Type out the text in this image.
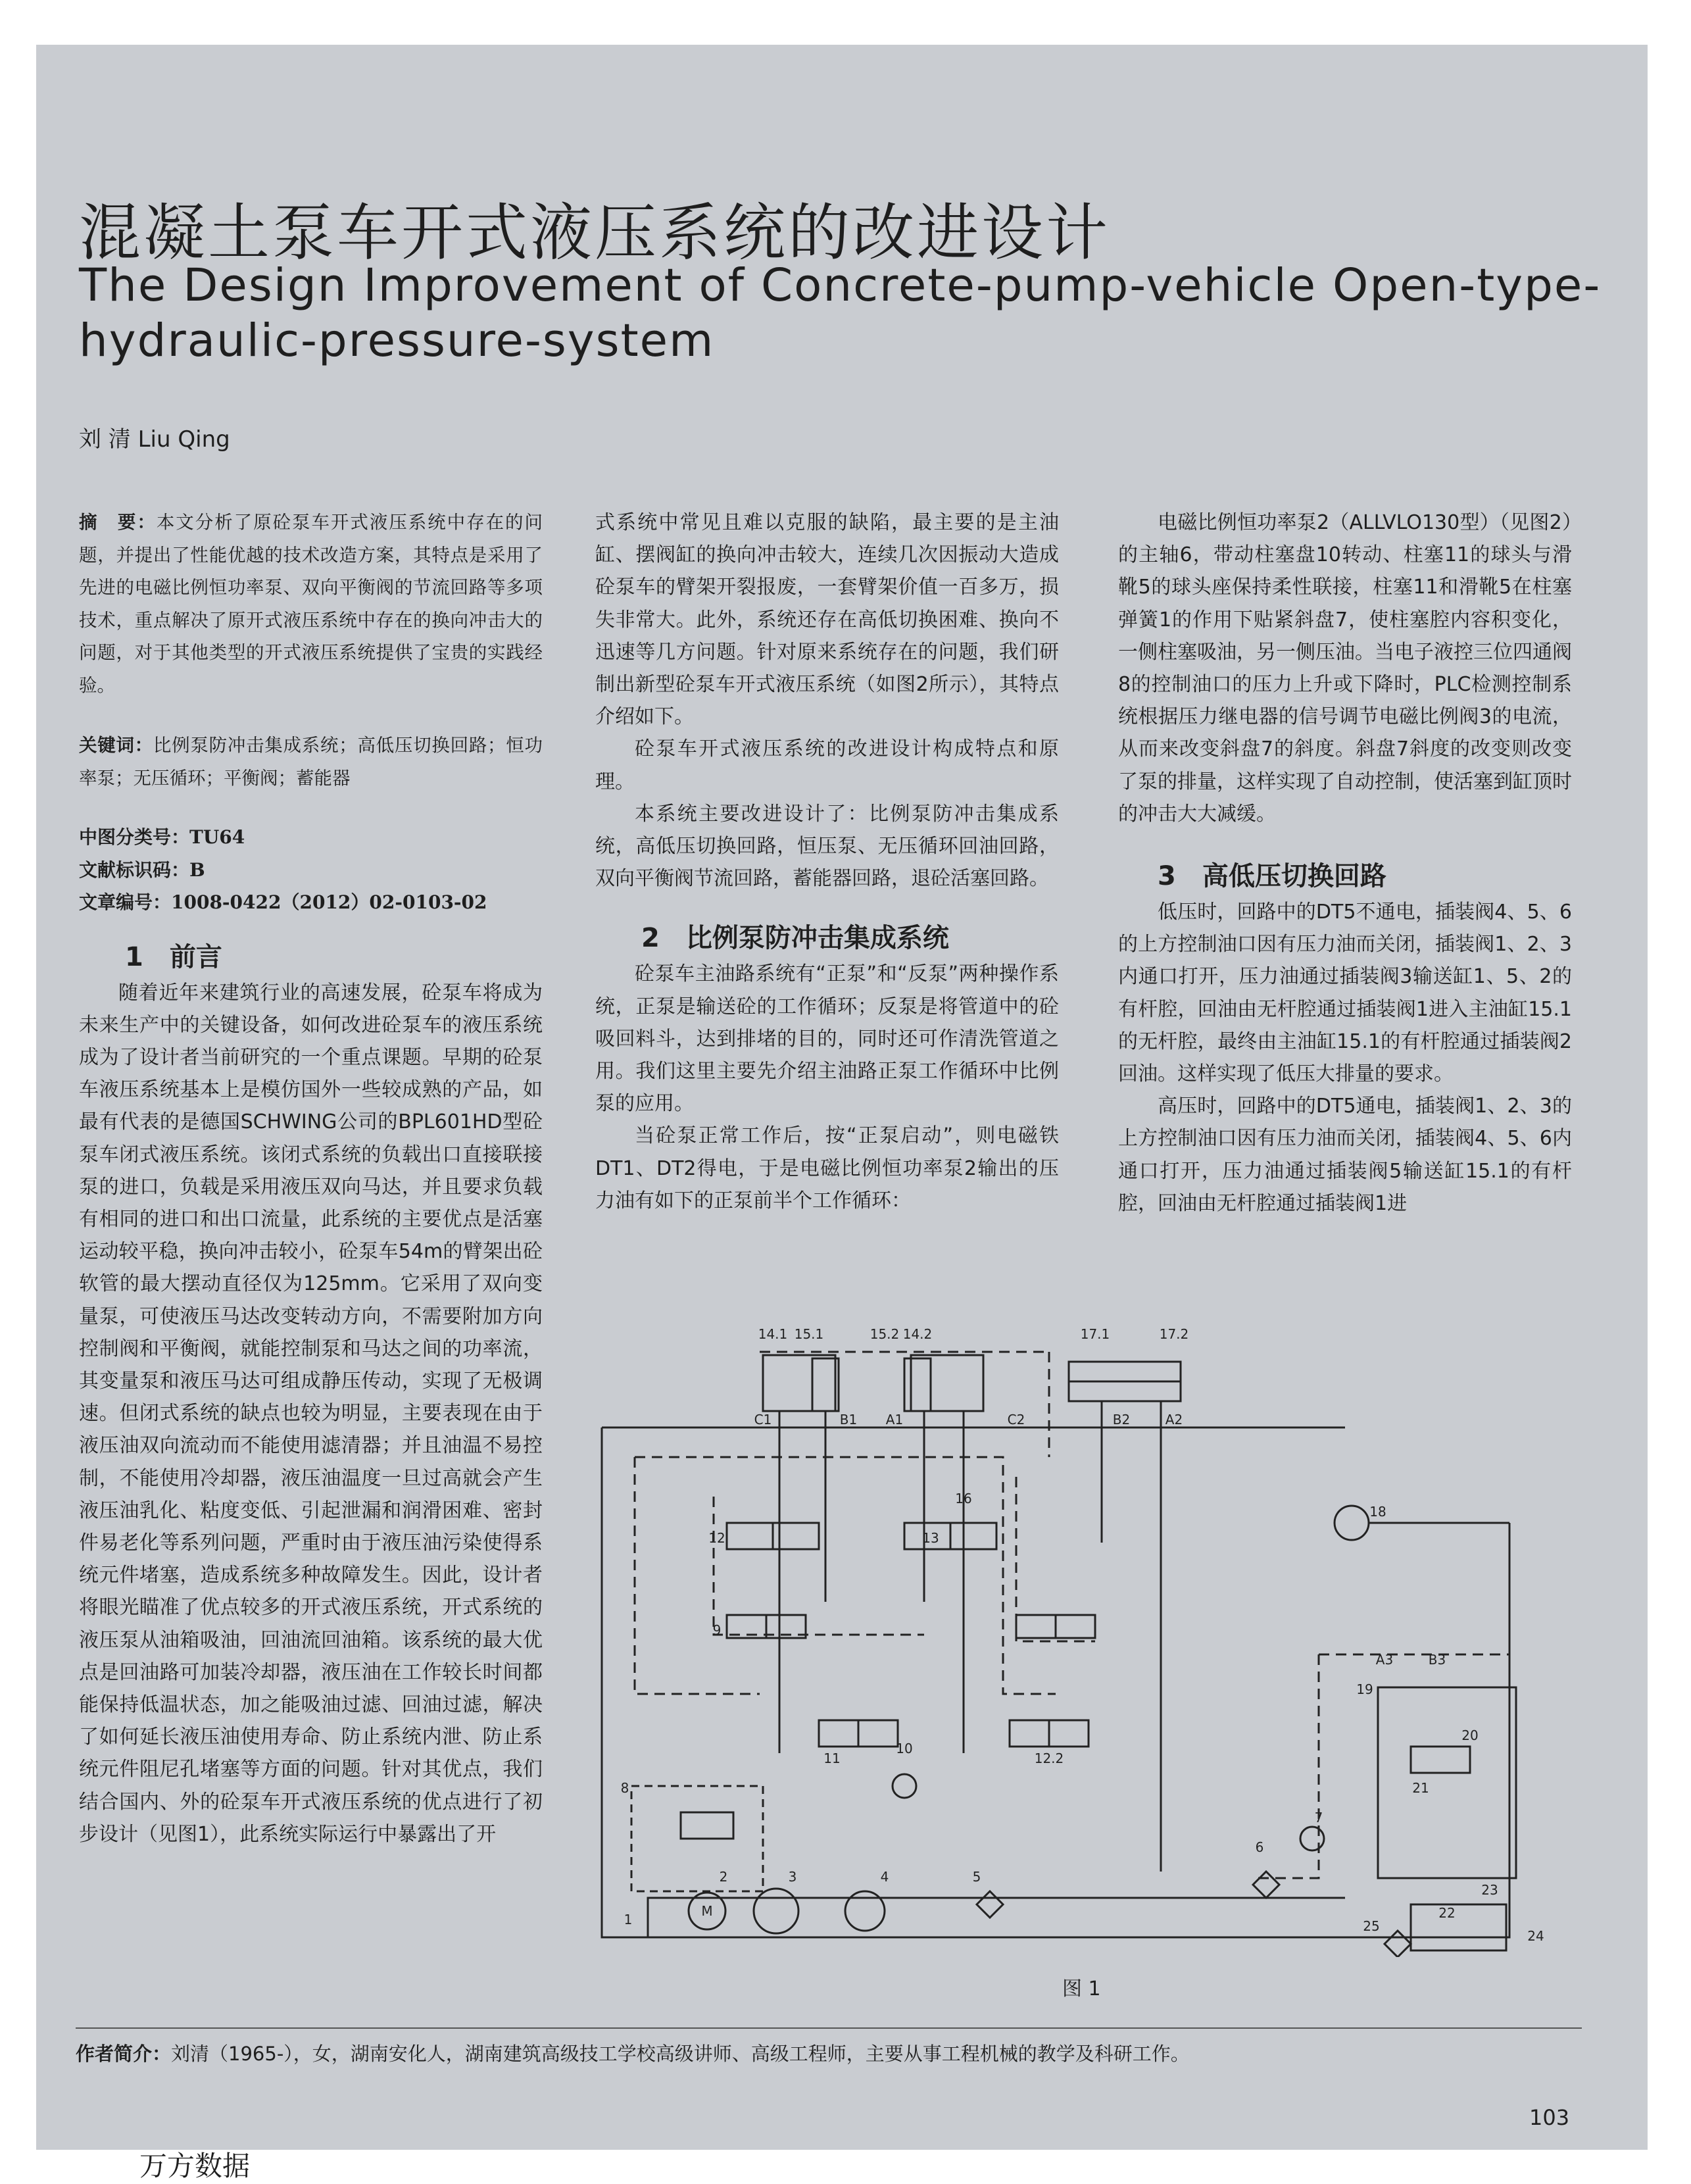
混凝土泵车开式液压系统的改进设计
The Design Improvement of Concrete-pump-vehicle Open-type-hydraulic-pressure-system
刘 清 Liu Qing

摘　要：本文分析了原砼泵车开式液压系统中存在的问题，并提出了性能优越的技术改造方案，其特点是采用了先进的电磁比例恒功率泵、双向平衡阀的节流回路等多项技术，重点解决了原开式液压系统中存在的换向冲击大的问题，对于其他类型的开式液压系统提供了宝贵的实践经验。

关键词：比例泵防冲击集成系统；高低压切换回路；恒功率泵；无压循环；平衡阀；蓄能器

中图分类号：TU64
文献标识码：B
文章编号：1008-0422（2012）02-0103-02
1　前言

随着近年来建筑行业的高速发展，砼泵车将成为未来生产中的关键设备，如何改进砼泵车的液压系统成为了设计者当前研究的一个重点课题。早期的砼泵车液压系统基本上是模仿国外一些较成熟的产品，如最有代表的是德国SCHWING公司的BPL601HD型砼泵车闭式液压系统。该闭式系统的负载出口直接联接泵的进口，负载是采用液压双向马达，并且要求负载有相同的进口和出口流量，此系统的主要优点是活塞运动较平稳，换向冲击较小，砼泵车54m的臂架出砼软管的最大摆动直径仅为125mm。它采用了双向变量泵，可使液压马达改变转动方向，不需要附加方向控制阀和平衡阀，就能控制泵和马达之间的功率流，其变量泵和液压马达可组成静压传动，实现了无极调速。但闭式系统的缺点也较为明显，主要表现在由于液压油双向流动而不能使用滤清器；并且油温不易控制，不能使用冷却器，液压油温度一旦过高就会产生液压油乳化、粘度变低、引起泄漏和润滑困难、密封件易老化等系列问题，严重时由于液压油污染使得系统元件堵塞，造成系统多种故障发生。因此，设计者将眼光瞄准了优点较多的开式液压系统，开式系统的液压泵从油箱吸油，回油流回油箱。该系统的最大优点是回油路可加装冷却器，液压油在工作较长时间都能保持低温状态，加之能吸油过滤、回油过滤，解决了如何延长液压油使用寿命、防止系统内泄、防止系统元件阻尼孔堵塞等方面的问题。针对其优点，我们结合国内、外的砼泵车开式液压系统的优点进行了初步设计（见图1），此系统实际运行中暴露出了开

式系统中常见且难以克服的缺陷，最主要的是主油缸、摆阀缸的换向冲击较大，连续几次因振动大造成砼泵车的臂架开裂报废，一套臂架价值一百多万，损失非常大。此外，系统还存在高低切换困难、换向不迅速等几方问题。针对原来系统存在的问题，我们研制出新型砼泵车开式液压系统（如图2所示），其特点介绍如下。

砼泵车开式液压系统的改进设计构成特点和原理。

本系统主要改进设计了：比例泵防冲击集成系统，高低压切换回路，恒压泵、无压循环回油回路，双向平衡阀节流回路，蓄能器回路，退砼活塞回路。

2　比例泵防冲击集成系统

砼泵车主油路系统有“正泵”和“反泵”两种操作系统，正泵是输送砼的工作循环；反泵是将管道中的砼吸回料斗，达到排堵的目的，同时还可作清洗管道之用。我们这里主要先介绍主油路正泵工作循环中比例泵的应用。

当砼泵正常工作后，按“正泵启动”，则电磁铁DT1、DT2得电，于是电磁比例恒功率泵2输出的压力油有如下的正泵前半个工作循环：

电磁比例恒功率泵2（ALLVLO130型）（见图2）的主轴6，带动柱塞盘10转动、柱塞11的球头与滑靴5的球头座保持柔性联接，柱塞11和滑靴5在柱塞弹簧1的作用下贴紧斜盘7，使柱塞腔内容积变化，一侧柱塞吸油，另一侧压油。当电子液控三位四通阀8的控制油口的压力上升或下降时，PLC检测控制系统根据压力继电器的信号调节电磁比例阀3的电流，从而来改变斜盘7的斜度。斜盘7斜度的改变则改变了泵的排量，这样实现了自动控制，使活塞到缸顶时的冲击大大减缓。

3　高低压切换回路

低压时，回路中的DT5不通电，插装阀4、5、6的上方控制油口因有压力油而关闭，插装阀1、2、3内通口打开，压力油通过插装阀3输送缸1、5、2的有杆腔，回油由无杆腔通过插装阀1进入主油缸15.1的无杆腔，最终由主油缸15.1的有杆腔通过插装阀2回油。这样实现了低压大排量的要求。

高压时，回路中的DT5通电，插装阀1、2、3的上方控制油口因有压力油而关闭，插装阀4、5、6内通口打开，压力油通过插装阀5输送缸15.1的有杆腔，回油由无杆腔通过插装阀1进

14.1 15.1	15.2 14.2	17.1	17.2
C1	B1 A1	C2	B2	A2
12	13
9
10
11	12.2
18
19
20
21
22
23
24
25
1
2	3	4	5
6
7
8
16
A3	B3
M
图 1
作者简介：刘清（1965-），女，湖南安化人，湖南建筑高级技工学校高级讲师、高级工程师，主要从事工程机械的教学及科研工作。
103
万方数据
